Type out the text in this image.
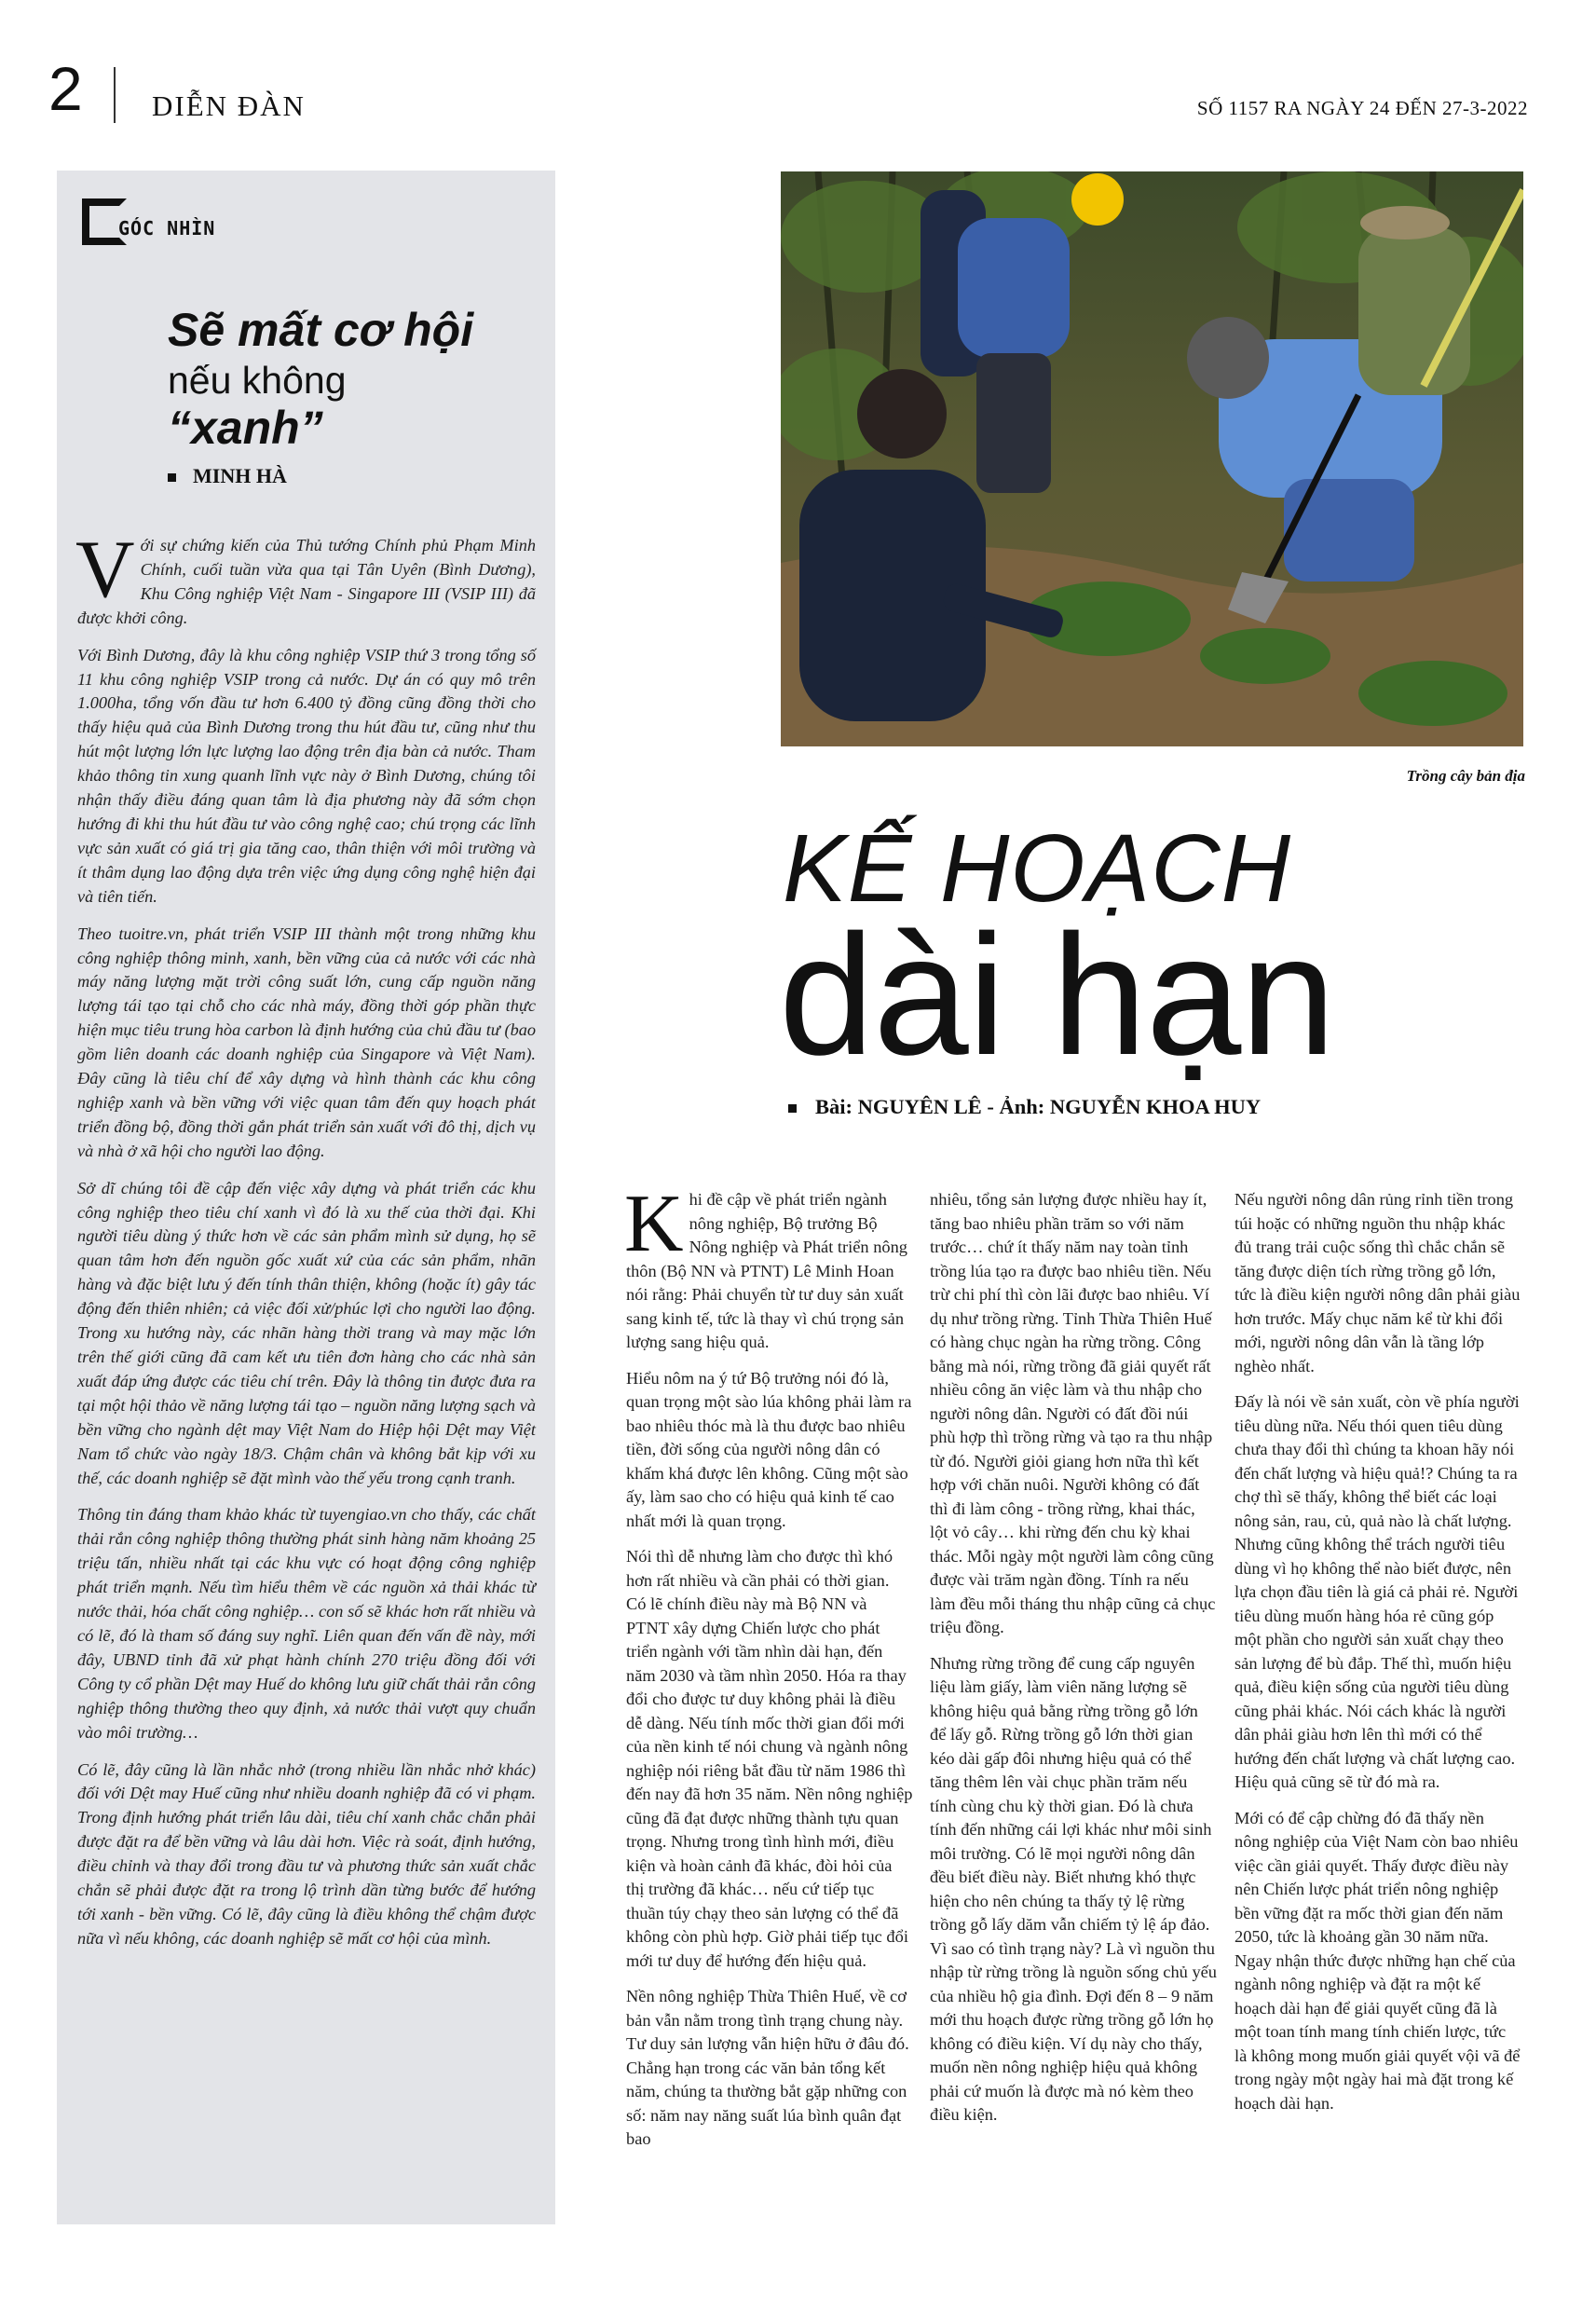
2 DIỄN ĐÀN	SỐ 1157 RA NGÀY 24 ĐẾN 27-3-2022
GÓC NHÌN
Sẽ mất cơ hội
nếu không
“xanh”
MINH HÀ

Với sự chứng kiến của Thủ tướng Chính phủ Phạm Minh Chính, cuối tuần vừa qua tại Tân Uyên (Bình Dương), Khu Công nghiệp Việt Nam - Singapore III (VSIP III) đã được khởi công.

Với Bình Dương, đây là khu công nghiệp VSIP thứ 3 trong tổng số 11 khu công nghiệp VSIP trong cả nước. Dự án có quy mô trên 1.000ha, tổng vốn đầu tư hơn 6.400 tỷ đồng cũng đồng thời cho thấy hiệu quả của Bình Dương trong thu hút đầu tư, cũng như thu hút một lượng lớn lực lượng lao động trên địa bàn cả nước. Tham khảo thông tin xung quanh lĩnh vực này ở Bình Dương, chúng tôi nhận thấy điều đáng quan tâm là địa phương này đã sớm chọn hướng đi khi thu hút đầu tư vào công nghệ cao; chú trọng các lĩnh vực sản xuất có giá trị gia tăng cao, thân thiện với môi trường và ít thâm dụng lao động dựa trên việc ứng dụng công nghệ hiện đại và tiên tiến.

Theo tuoitre.vn, phát triển VSIP III thành một trong những khu công nghiệp thông minh, xanh, bền vững của cả nước với các nhà máy năng lượng mặt trời công suất lớn, cung cấp nguồn năng lượng tái tạo tại chỗ cho các nhà máy, đồng thời góp phần thực hiện mục tiêu trung hòa carbon là định hướng của chủ đầu tư (bao gồm liên doanh các doanh nghiệp của Singapore và Việt Nam). Đây cũng là tiêu chí để xây dựng và hình thành các khu công nghiệp xanh và bền vững với việc quan tâm đến quy hoạch phát triển đồng bộ, đồng thời gắn phát triển sản xuất với đô thị, dịch vụ và nhà ở xã hội cho người lao động.

Sở dĩ chúng tôi đề cập đến việc xây dựng và phát triển các khu công nghiệp theo tiêu chí xanh vì đó là xu thế của thời đại. Khi người tiêu dùng ý thức hơn về các sản phẩm mình sử dụng, họ sẽ quan tâm hơn đến nguồn gốc xuất xứ của các sản phẩm, nhãn hàng và đặc biệt lưu ý đến tính thân thiện, không (hoặc ít) gây tác động đến thiên nhiên; cả việc đối xử/phúc lợi cho người lao động. Trong xu hướng này, các nhãn hàng thời trang và may mặc lớn trên thế giới cũng đã cam kết ưu tiên đơn hàng cho các nhà sản xuất đáp ứng được các tiêu chí trên. Đây là thông tin được đưa ra tại một hội thảo về năng lượng tái tạo – nguồn năng lượng sạch và bền vững cho ngành dệt may Việt Nam do Hiệp hội Dệt may Việt Nam tổ chức vào ngày 18/3. Chậm chân và không bắt kịp với xu thế, các doanh nghiệp sẽ đặt mình vào thế yếu trong cạnh tranh.

Thông tin đáng tham khảo khác từ tuyengiao.vn cho thấy, các chất thải rắn công nghiệp thông thường phát sinh hàng năm khoảng 25 triệu tấn, nhiều nhất tại các khu vực có hoạt động công nghiệp phát triển mạnh. Nếu tìm hiểu thêm về các nguồn xả thải khác từ nước thải, hóa chất công nghiệp… con số sẽ khác hơn rất nhiều và có lẽ, đó là tham số đáng suy nghĩ. Liên quan đến vấn đề này, mới đây, UBND tỉnh đã xử phạt hành chính 270 triệu đồng đối với Công ty cổ phần Dệt may Huế do không lưu giữ chất thải rắn công nghiệp thông thường theo quy định, xả nước thải vượt quy chuẩn vào môi trường…

Có lẽ, đây cũng là lần nhắc nhở (trong nhiều lần nhắc nhở khác) đối với Dệt may Huế cũng như nhiều doanh nghiệp đã có vi phạm. Trong định hướng phát triển lâu dài, tiêu chí xanh chắc chắn phải được đặt ra để bền vững và lâu dài hơn. Việc rà soát, định hướng, điều chỉnh và thay đổi trong đầu tư và phương thức sản xuất chắc chắn sẽ phải được đặt ra trong lộ trình dần từng bước để hướng tới xanh - bền vững. Có lẽ, đây cũng là điều không thể chậm được nữa vì nếu không, các doanh nghiệp sẽ mất cơ hội của mình.

Trồng cây bản địa
KẾ HOẠCH
dài hạn
Bài: NGUYÊN LÊ - Ảnh: NGUYỄN KHOA HUY

Khi đề cập về phát triển ngành nông nghiệp, Bộ trưởng Bộ Nông nghiệp và Phát triển nông thôn (Bộ NN và PTNT) Lê Minh Hoan nói rằng: Phải chuyển từ tư duy sản xuất sang kinh tế, tức là thay vì chú trọng sản lượng sang hiệu quả.

Hiểu nôm na ý tứ Bộ trưởng nói đó là, quan trọng một sào lúa không phải làm ra bao nhiêu thóc mà là thu được bao nhiêu tiền, đời sống của người nông dân có khấm khá được lên không. Cũng một sào ấy, làm sao cho có hiệu quả kinh tế cao nhất mới là quan trọng.

Nói thì dễ nhưng làm cho được thì khó hơn rất nhiều và cần phải có thời gian. Có lẽ chính điều này mà Bộ NN và PTNT xây dựng Chiến lược cho phát triển ngành với tầm nhìn dài hạn, đến năm 2030 và tầm nhìn 2050. Hóa ra thay đổi cho được tư duy không phải là điều dễ dàng. Nếu tính mốc thời gian đổi mới của nền kinh tế nói chung và ngành nông nghiệp nói riêng bắt đầu từ năm 1986 thì đến nay đã hơn 35 năm. Nền nông nghiệp cũng đã đạt được những thành tựu quan trọng. Nhưng trong tình hình mới, điều kiện và hoàn cảnh đã khác, đòi hỏi của thị trường đã khác… nếu cứ tiếp tục thuần túy chạy theo sản lượng có thể đã không còn phù hợp. Giờ phải tiếp tục đổi mới tư duy để hướng đến hiệu quả.

Nền nông nghiệp Thừa Thiên Huế, về cơ bản vẫn nằm trong tình trạng chung này. Tư duy sản lượng vẫn hiện hữu ở đâu đó. Chẳng hạn trong các văn bản tổng kết năm, chúng ta thường bắt gặp những con số: năm nay năng suất lúa bình quân đạt bao

nhiêu, tổng sản lượng được nhiều hay ít, tăng bao nhiêu phần trăm so với năm trước… chứ ít thấy năm nay toàn tỉnh trồng lúa tạo ra được bao nhiêu tiền. Nếu trừ chi phí thì còn lãi được bao nhiêu. Ví dụ như trồng rừng. Tỉnh Thừa Thiên Huế có hàng chục ngàn ha rừng trồng. Công bằng mà nói, rừng trồng đã giải quyết rất nhiều công ăn việc làm và thu nhập cho người nông dân. Người có đất đồi núi phù hợp thì trồng rừng và tạo ra thu nhập từ đó. Người giỏi giang hơn nữa thì kết hợp với chăn nuôi. Người không có đất thì đi làm công - trồng rừng, khai thác, lột vỏ cây… khi rừng đến chu kỳ khai thác. Mỗi ngày một người làm công cũng được vài trăm ngàn đồng. Tính ra nếu làm đều mỗi tháng thu nhập cũng cả chục triệu đồng.

Nhưng rừng trồng để cung cấp nguyên liệu làm giấy, làm viên năng lượng sẽ không hiệu quả bằng rừng trồng gỗ lớn để lấy gỗ. Rừng trồng gỗ lớn thời gian kéo dài gấp đôi nhưng hiệu quả có thể tăng thêm lên vài chục phần trăm nếu tính cùng chu kỳ thời gian. Đó là chưa tính đến những cái lợi khác như môi sinh môi trường. Có lẽ mọi người nông dân đều biết điều này. Biết nhưng khó thực hiện cho nên chúng ta thấy tỷ lệ rừng trồng gỗ lấy dăm vẫn chiếm tỷ lệ áp đảo. Vì sao có tình trạng này? Là vì nguồn thu nhập từ rừng trồng là nguồn sống chủ yếu của nhiều hộ gia đình. Đợi đến 8 – 9 năm mới thu hoạch được rừng trồng gỗ lớn họ không có điều kiện. Ví dụ này cho thấy, muốn nền nông nghiệp hiệu quả không phải cứ muốn là được mà nó kèm theo điều kiện.

Nếu người nông dân rủng rỉnh tiền trong túi hoặc có những nguồn thu nhập khác đủ trang trải cuộc sống thì chắc chắn sẽ tăng được diện tích rừng trồng gỗ lớn, tức là điều kiện người nông dân phải giàu hơn trước. Mấy chục năm kể từ khi đổi mới, người nông dân vẫn là tầng lớp nghèo nhất.

Đấy là nói về sản xuất, còn về phía người tiêu dùng nữa. Nếu thói quen tiêu dùng chưa thay đổi thì chúng ta khoan hãy nói đến chất lượng và hiệu quả!? Chúng ta ra chợ thì sẽ thấy, không thể biết các loại nông sản, rau, củ, quả nào là chất lượng. Nhưng cũng không thể trách người tiêu dùng vì họ không thể nào biết được, nên lựa chọn đầu tiên là giá cả phải rẻ. Người tiêu dùng muốn hàng hóa rẻ cũng góp một phần cho người sản xuất chạy theo sản lượng để bù đắp. Thế thì, muốn hiệu quả, điều kiện sống của người tiêu dùng cũng phải khác. Nói cách khác là người dân phải giàu hơn lên thì mới có thể hướng đến chất lượng và chất lượng cao. Hiệu quả cũng sẽ từ đó mà ra.

Mới có để cập chừng đó đã thấy nền nông nghiệp của Việt Nam còn bao nhiêu việc cần giải quyết. Thấy được điều này nên Chiến lược phát triển nông nghiệp bền vững đặt ra mốc thời gian đến năm 2050, tức là khoảng gần 30 năm nữa. Ngay nhận thức được những hạn chế của ngành nông nghiệp và đặt ra một kế hoạch dài hạn để giải quyết cũng đã là một toan tính mang tính chiến lược, tức là không mong muốn giải quyết vội vã để trong ngày một ngày hai mà đặt trong kế hoạch dài hạn.
